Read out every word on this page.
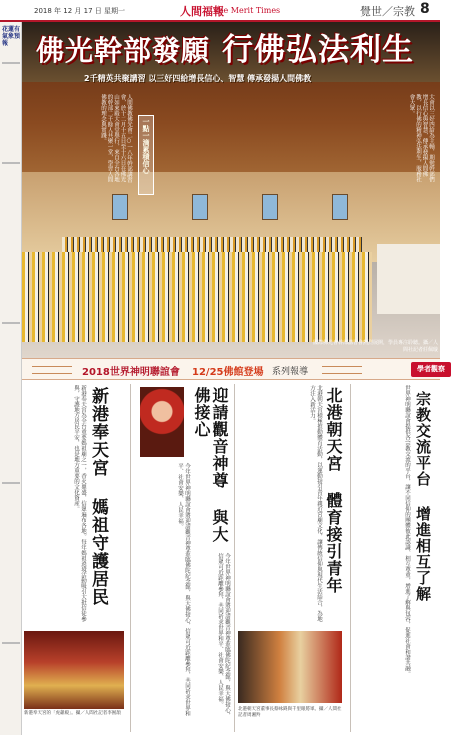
2018 年 12 月 17 日 星期一	人間福報
The Merit Times	覺世／宗教 8
花蓮有氣象預報 佛光幹部發願 行佛弘法利生
2千精英共聚講習 以三好四給增長信心、智慧 傳承發揚人間佛教
人間佛教佛光會二○一八年幹部講習會，於十二月十五日至十六日在佛光山如來殿大會堂舉行，來自全台各地的幹部二千餘人共聚一堂，學習人間佛教的理念與實踐。	一點一滴累積信心	大會以三好四給為主軸，期勉幹部們增長信心與智慧，傳承發揚人間佛教，以行佛的精神弘法利生，服務社會大眾。
國際佛光會幹部講習會熱烈展開，學員專注聆聽。攝／人間社記者莊佩璇
2018世界神明聯誼會 12/25佛館登場 系列報導	學者觀察
新港奉天宮為全台重要媽祖廟之一，香火鼎盛，信眾遍布各地。每年媽祖遶境活動吸引大批信徒參與，守護地方居民平安，也是地方重要的文化資產。 新港奉天宮 媽祖守護居民
新港奉天宮的「虎爺殿」。攝／人間社記者李囿頡
迎請觀音神尊 與大佛接心
今年世界神明聯誼會將迎請觀音神尊蒞臨佛陀紀念館，與大佛接心，信眾可近距離參拜，共同祈求世界和平、社會安樂、人民幸福。
今年世界神明聯誼會將迎請觀音神尊蒞臨佛陀紀念館，與大佛接心，信眾可近距離參拜，共同祈求世界和平、社會安樂、人民幸福。
北港朝天宮 體育接引青年
北港朝天宮積極推動體育活動，以運動接引青年親近宮廟文化，讓傳統信仰與現代生活結合，為地方注入新活力。
北港朝天宮董事長蔡咏鍀與千里眼將軍。攝／人間社記者周湘羚
世界神明聯誼會提供各宗教交流的平台，讓不同信仰的團體彼此認識、相互尊重，增進了解與包容，促進社會和諧共融。 宗教交流平台 增進相互了解
